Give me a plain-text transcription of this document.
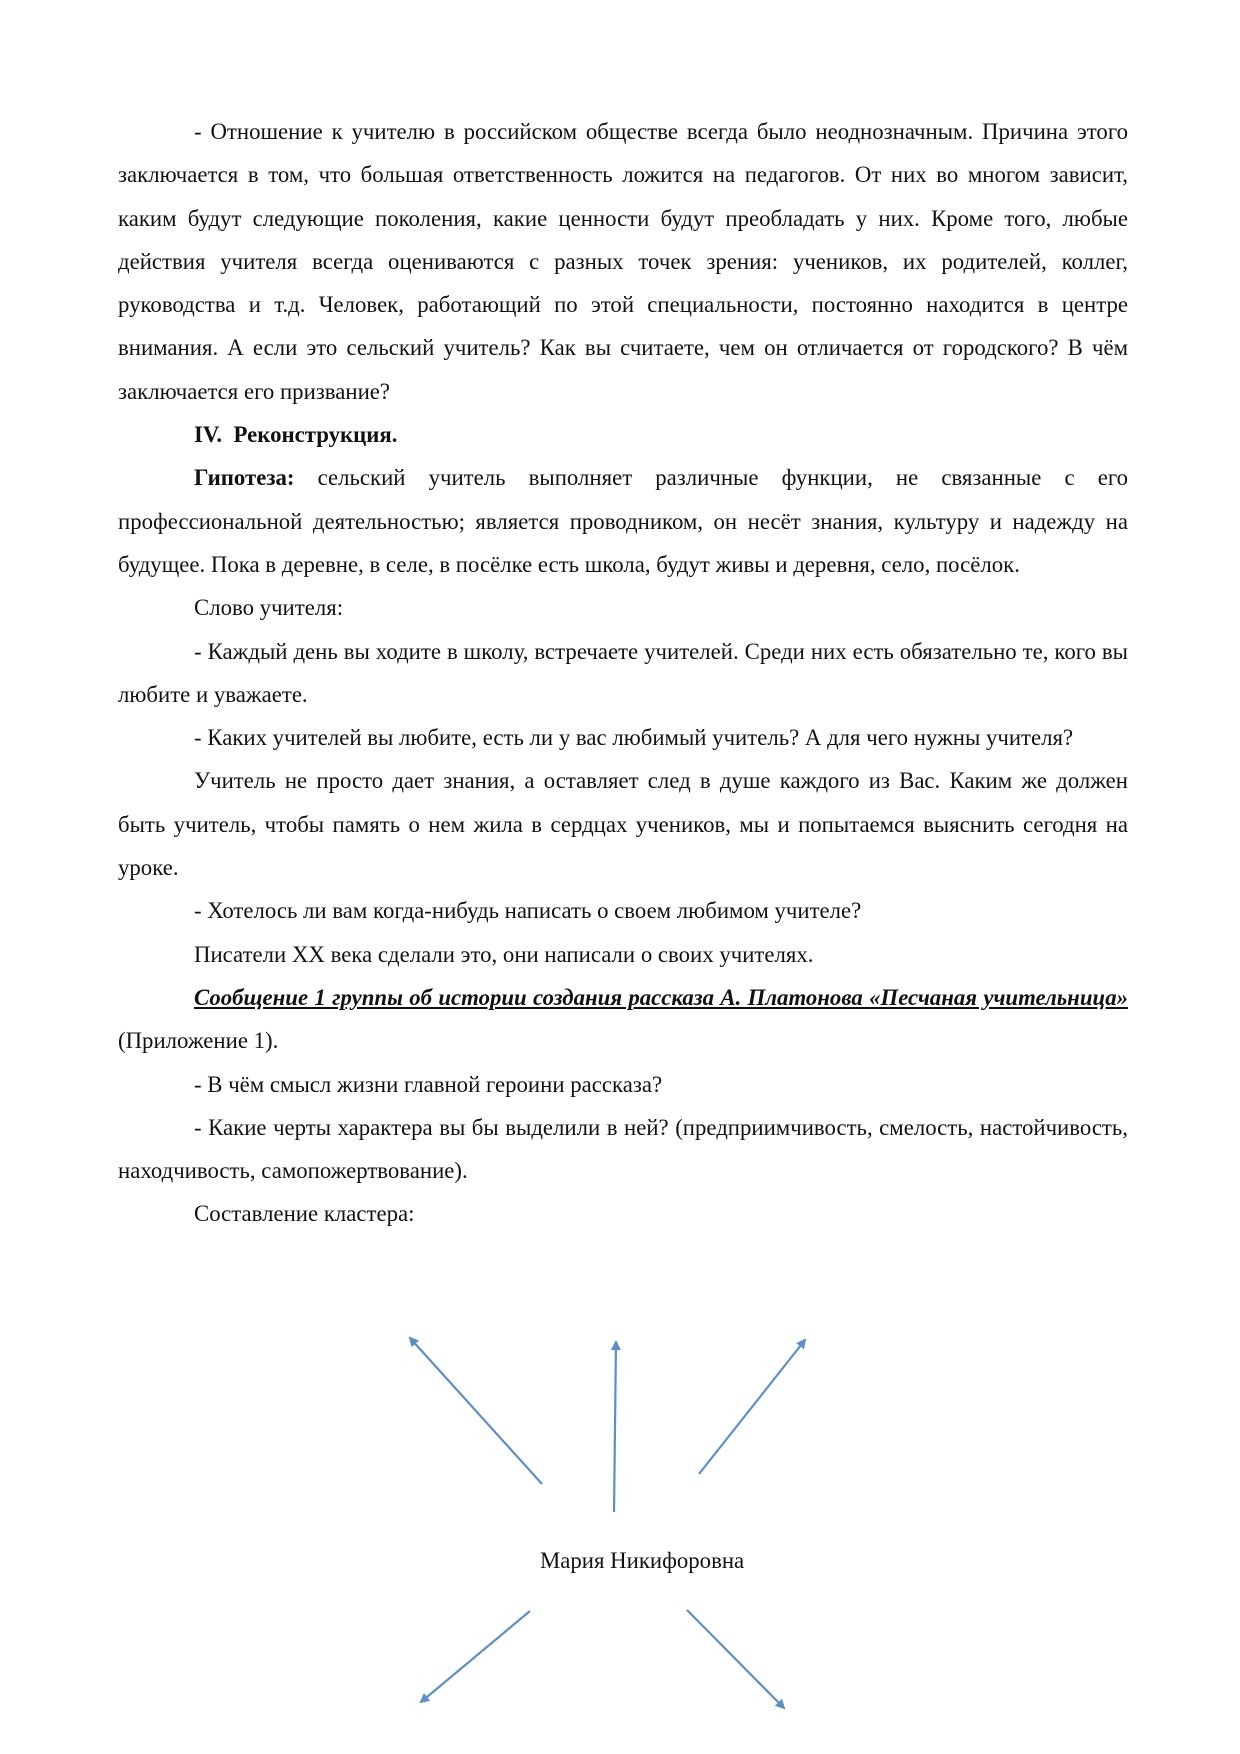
- Отношение к учителю в российском обществе всегда было неоднозначным. Причина этого заключается в том, что большая ответственность ложится на педагогов. От них во многом зависит, каким будут следующие поколения, какие ценности будут преобладать у них. Кроме того, любые действия учителя всегда оцениваются с разных точек зрения: учеников, их родителей, коллег, руководства и т.д. Человек, работающий по этой специальности, постоянно находится в центре внимания. А если это сельский учитель? Как вы считаете, чем он отличается от городского? В чём заключается его призвание?

IV. Реконструкция.

Гипотеза: сельский учитель выполняет различные функции, не связанные с его профессиональной деятельностью; является проводником, он несёт знания, культуру и надежду на будущее. Пока в деревне, в селе, в посёлке есть школа, будут живы и деревня, село, посёлок.

Слово учителя:

- Каждый день вы ходите в школу, встречаете учителей. Среди них есть обязательно те, кого вы любите и уважаете.

- Каких учителей вы любите, есть ли у вас любимый учитель? А для чего нужны учителя?

Учитель не просто дает знания, а оставляет след в душе каждого из Вас. Каким же должен быть учитель, чтобы память о нем жила в сердцах учеников, мы и попытаемся выяснить сегодня на уроке.

- Хотелось ли вам когда-нибудь написать о своем любимом учителе?

Писатели XX века сделали это, они написали о своих учителях.

Сообщение 1 группы об истории создания рассказа А. Платонова «Песчаная учительница» (Приложение 1).

- В чём смысл жизни главной героини рассказа?

- Какие черты характера вы бы выделили в ней? (предприимчивость, смелость, настойчивость, находчивость, самопожертвование).

Составление кластера:

Мария Никифоровна
